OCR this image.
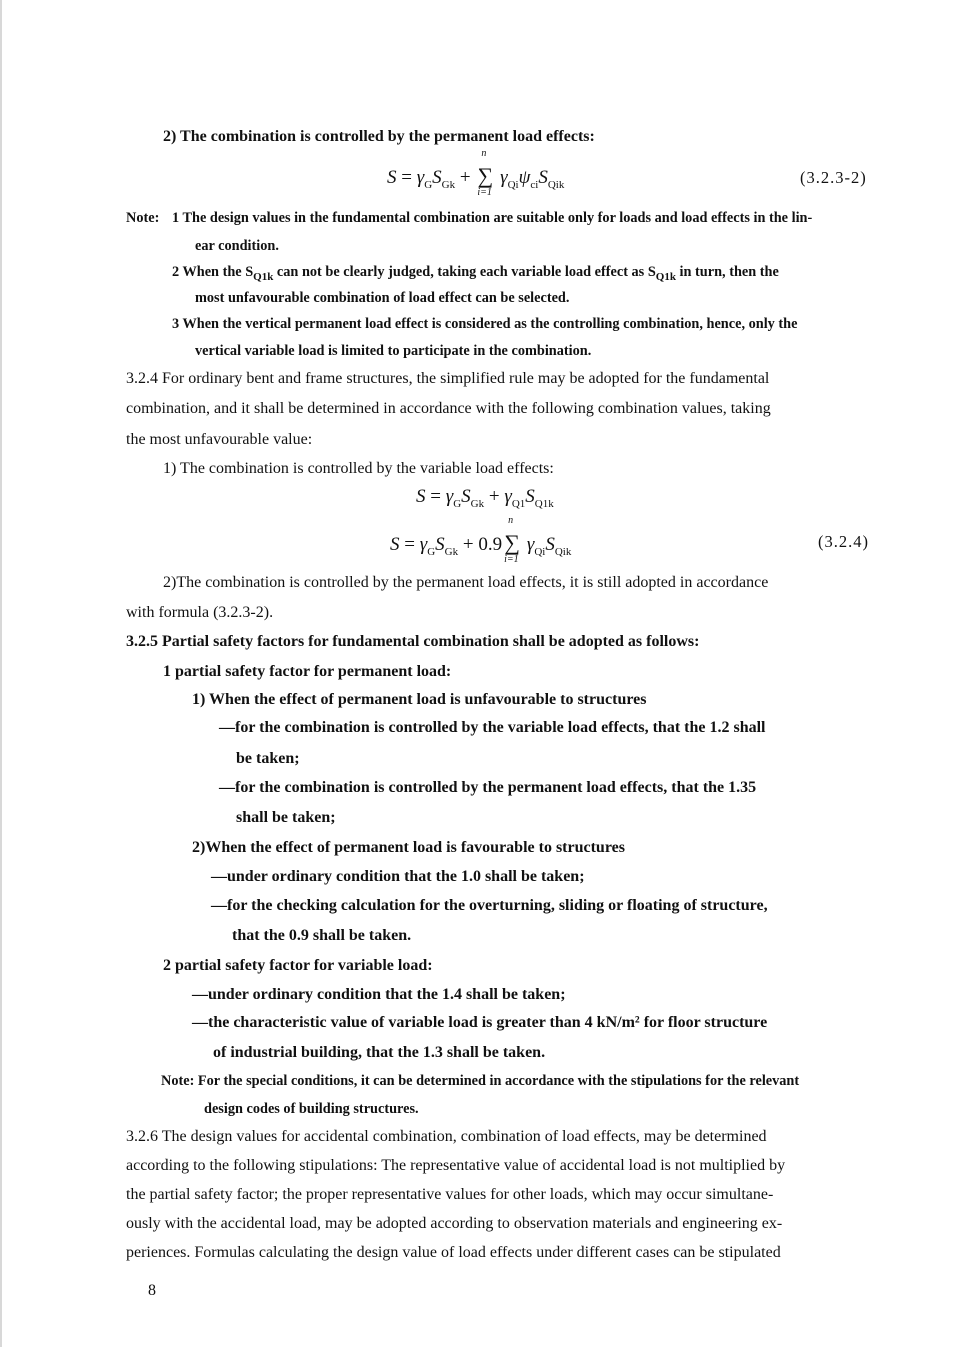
2) The combination is controlled by the permanent load effects:
$S = \gamma_GS_{Gk}$ +
n
∑
i=1
$\gamma_{Qi}\psi_{ci}S_{Qik}$	(3.2.3-2)
Note: 1 The design values in the fundamental combination are suitable only for loads and load effects in the lin-
ear condition.
2 When the $S_{Q1k}$ can not be clearly judged, taking each variable load effect as $S_{Q1k}$ in turn, then the
most unfavourable combination of load effect can be selected.
3 When the vertical permanent load effect is considered as the controlling combination, hence, only the
vertical variable load is limited to participate in the combination.
3.2.4 For ordinary bent and frame structures, the simplified rule may be adopted for the fundamental
combination, and it shall be determined in accordance with the following combination values, taking
the most unfavourable value:
1) The combination is controlled by the variable load effects:
$S = \gamma_GS_{Gk} + \gamma_{Q1}S_{Q1k}$
$S = \gamma_GS_{Gk} + 0.9$
n
∑
i=1
$\gamma_{Qi}S_{Qik}$
(3.2.4)
2)The combination is controlled by the permanent load effects, it is still adopted in accordance
with formula (3.2.3-2).
3.2.5 Partial safety factors for fundamental combination shall be adopted as follows:
1 partial safety factor for permanent load:
1) When the effect of permanent load is unfavourable to structures
—for the combination is controlled by the variable load effects, that the 1.2 shall
be taken;
—for the combination is controlled by the permanent load effects, that the 1.35
shall be taken;
2)When the effect of permanent load is favourable to structures
—under ordinary condition that the 1.0 shall be taken;
—for the checking calculation for the overturning, sliding or floating of structure,
that the 0.9 shall be taken.
2 partial safety factor for variable load:
—under ordinary condition that the 1.4 shall be taken;
—the characteristic value of variable load is greater than 4 kN/m² for floor structure
of industrial building, that the 1.3 shall be taken.
Note: For the special conditions, it can be determined in accordance with the stipulations for the relevant
design codes of building structures.
3.2.6 The design values for accidental combination, combination of load effects, may be determined
according to the following stipulations: The representative value of accidental load is not multiplied by
the partial safety factor; the proper representative values for other loads, which may occur simultane-
ously with the accidental load, may be adopted according to observation materials and engineering ex-
periences. Formulas calculating the design value of load effects under different cases can be stipulated
8
